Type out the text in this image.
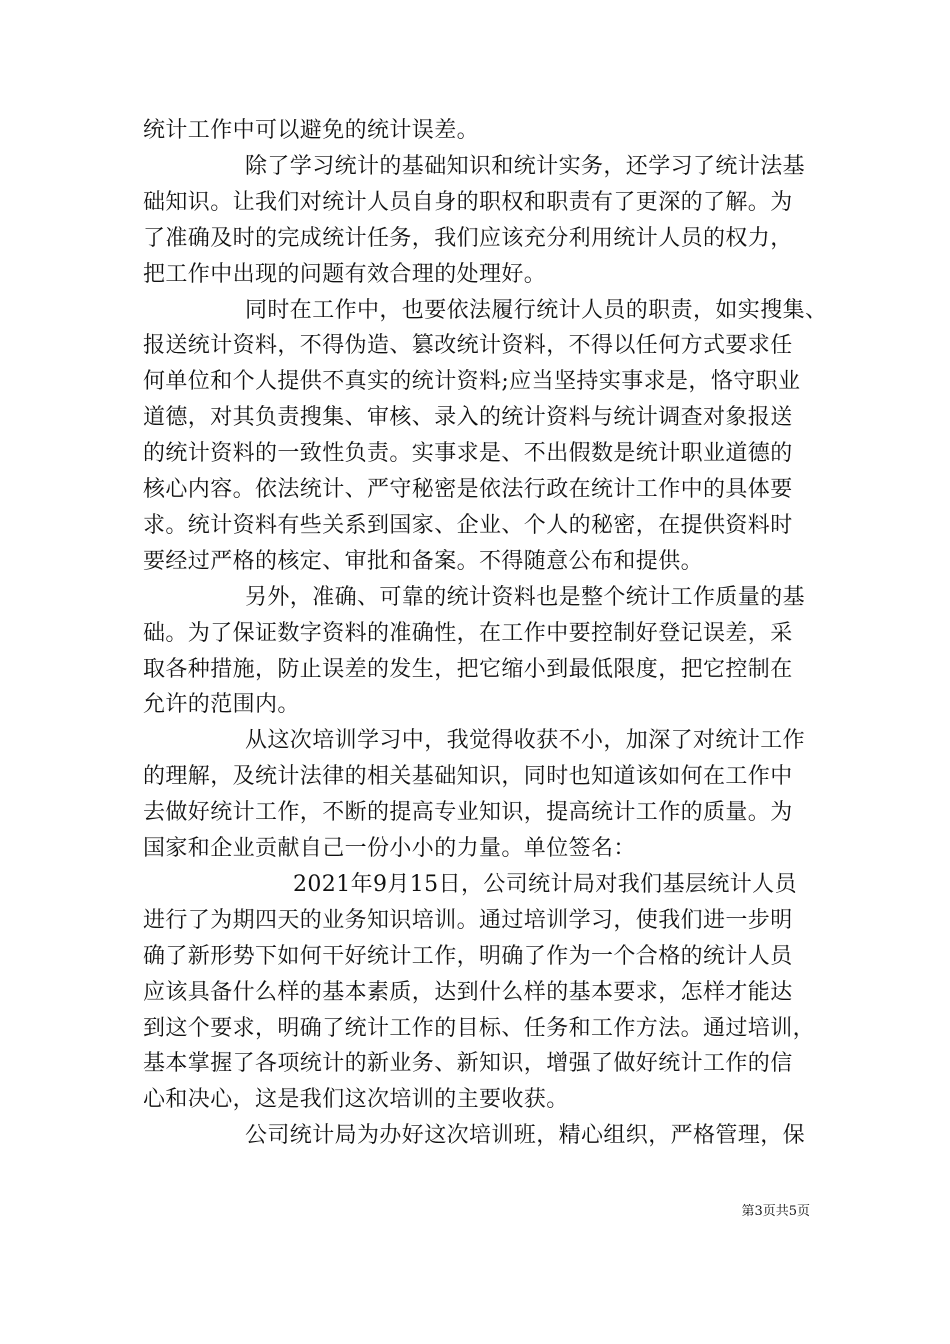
统计工作中可以避免的统计误差。
除了学习统计的基础知识和统计实务，还学习了统计法基
础知识。让我们对统计人员自身的职权和职责有了更深的了解。为
了准确及时的完成统计任务，我们应该充分利用统计人员的权力，
把工作中出现的问题有效合理的处理好。
同时在工作中，也要依法履行统计人员的职责，如实搜集、
报送统计资料，不得伪造、篡改统计资料，不得以任何方式要求任
何单位和个人提供不真实的统计资料;应当坚持实事求是，恪守职业
道德，对其负责搜集、审核、录入的统计资料与统计调查对象报送
的统计资料的一致性负责。实事求是、不出假数是统计职业道德的
核心内容。依法统计、严守秘密是依法行政在统计工作中的具体要
求。统计资料有些关系到国家、企业、个人的秘密，在提供资料时
要经过严格的核定、审批和备案。不得随意公布和提供。
另外，准确、可靠的统计资料也是整个统计工作质量的基
础。为了保证数字资料的准确性，在工作中要控制好登记误差，采
取各种措施，防止误差的发生，把它缩小到最低限度，把它控制在
允许的范围内。
从这次培训学习中，我觉得收获不小，加深了对统计工作
的理解，及统计法律的相关基础知识，同时也知道该如何在工作中
去做好统计工作，不断的提高专业知识，提高统计工作的质量。为
国家和企业贡献自己一份小小的力量。单位签名：
2021年9月15日，公司统计局对我们基层统计人员
进行了为期四天的业务知识培训。通过培训学习，使我们进一步明
确了新形势下如何干好统计工作，明确了作为一个合格的统计人员
应该具备什么样的基本素质，达到什么样的基本要求，怎样才能达
到这个要求，明确了统计工作的目标、任务和工作方法。通过培训，
基本掌握了各项统计的新业务、新知识，增强了做好统计工作的信
心和决心，这是我们这次培训的主要收获。
公司统计局为办好这次培训班，精心组织，严格管理，保
第3页共5页
